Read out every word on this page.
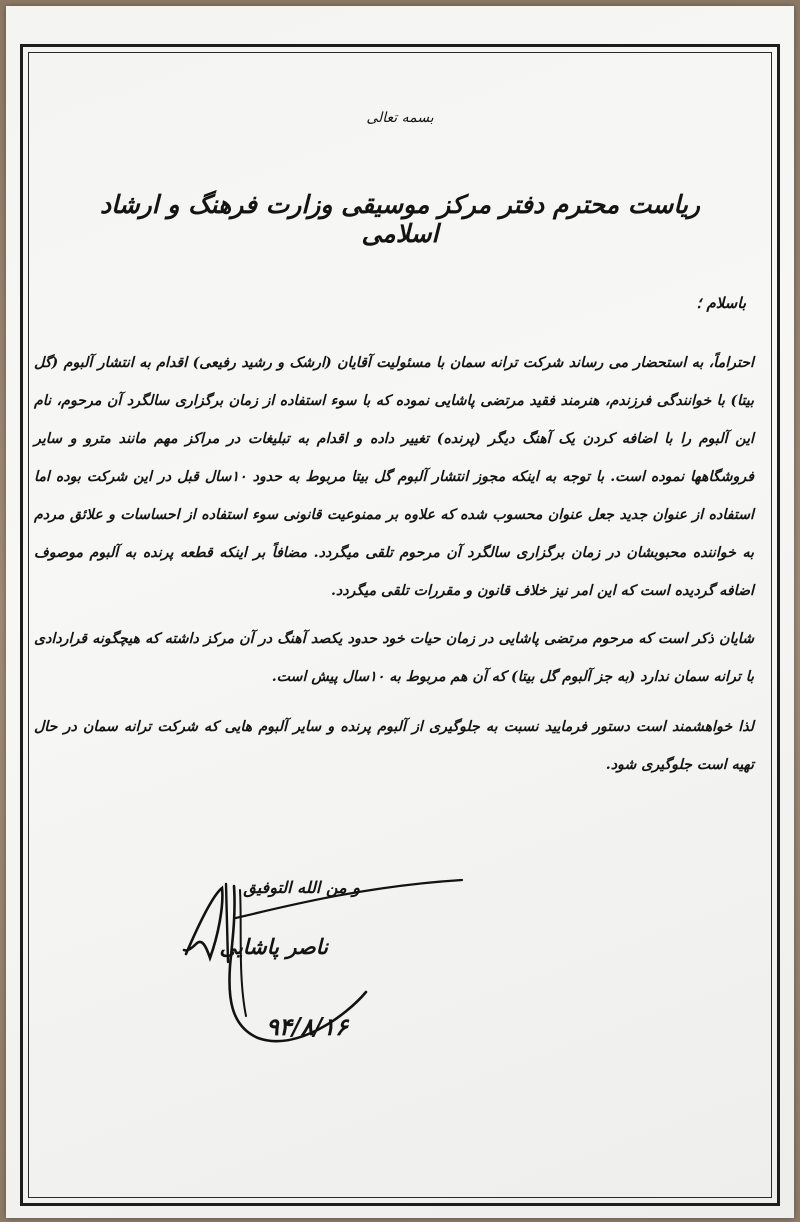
بسمه تعالی
ریاست محترم دفتر مرکز موسیقی وزارت فرهنگ و ارشاد اسلامی
باسلام ؛

احتراماً، به استحضار می رساند شرکت ترانه سمان با مسئولیت آقایان (ارشک و رشید رفیعی) اقدام به انتشار آلبوم (گل بیتا) با خوانندگی فرزندم، هنرمند فقید مرتضی پاشایی نموده که با سوء استفاده از زمان برگزاری سالگرد آن مرحوم، نام این آلبوم را با اضافه کردن یک آهنگ دیگر (پرنده) تغییر داده و اقدام به تبلیغات در مراکز مهم مانند مترو و سایر فروشگاهها نموده است. با توجه به اینکه مجوز انتشار آلبوم گل بیتا مربوط به حدود ۱۰سال قبل در این شرکت بوده اما استفاده از عنوان جدید جعل عنوان محسوب شده که علاوه بر ممنوعیت قانونی سوء استفاده از احساسات و علائق مردم به خواننده محبوبشان در زمان برگزاری سالگرد آن مرحوم تلقی میگردد. مضافاً بر اینکه قطعه پرنده به آلبوم موصوف اضافه گردیده است که این امر نیز خلاف قانون و مقررات تلقی میگردد.

شایان ذکر است که مرحوم مرتضی پاشایی در زمان حیات خود حدود یکصد آهنگ در آن مرکز داشته که هیچگونه قراردادی با ترانه سمان ندارد (به جز آلبوم گل بیتا) که آن هم مربوط به ۱۰سال پیش است.

لذا خواهشمند است دستور فرمایید نسبت به جلوگیری از آلبوم پرنده و سایر آلبوم هایی که شرکت ترانه سمان در حال تهیه است جلوگیری شود.

و من الله التوفیق
ناصر پاشایی
۹۴/۸/۱۶
